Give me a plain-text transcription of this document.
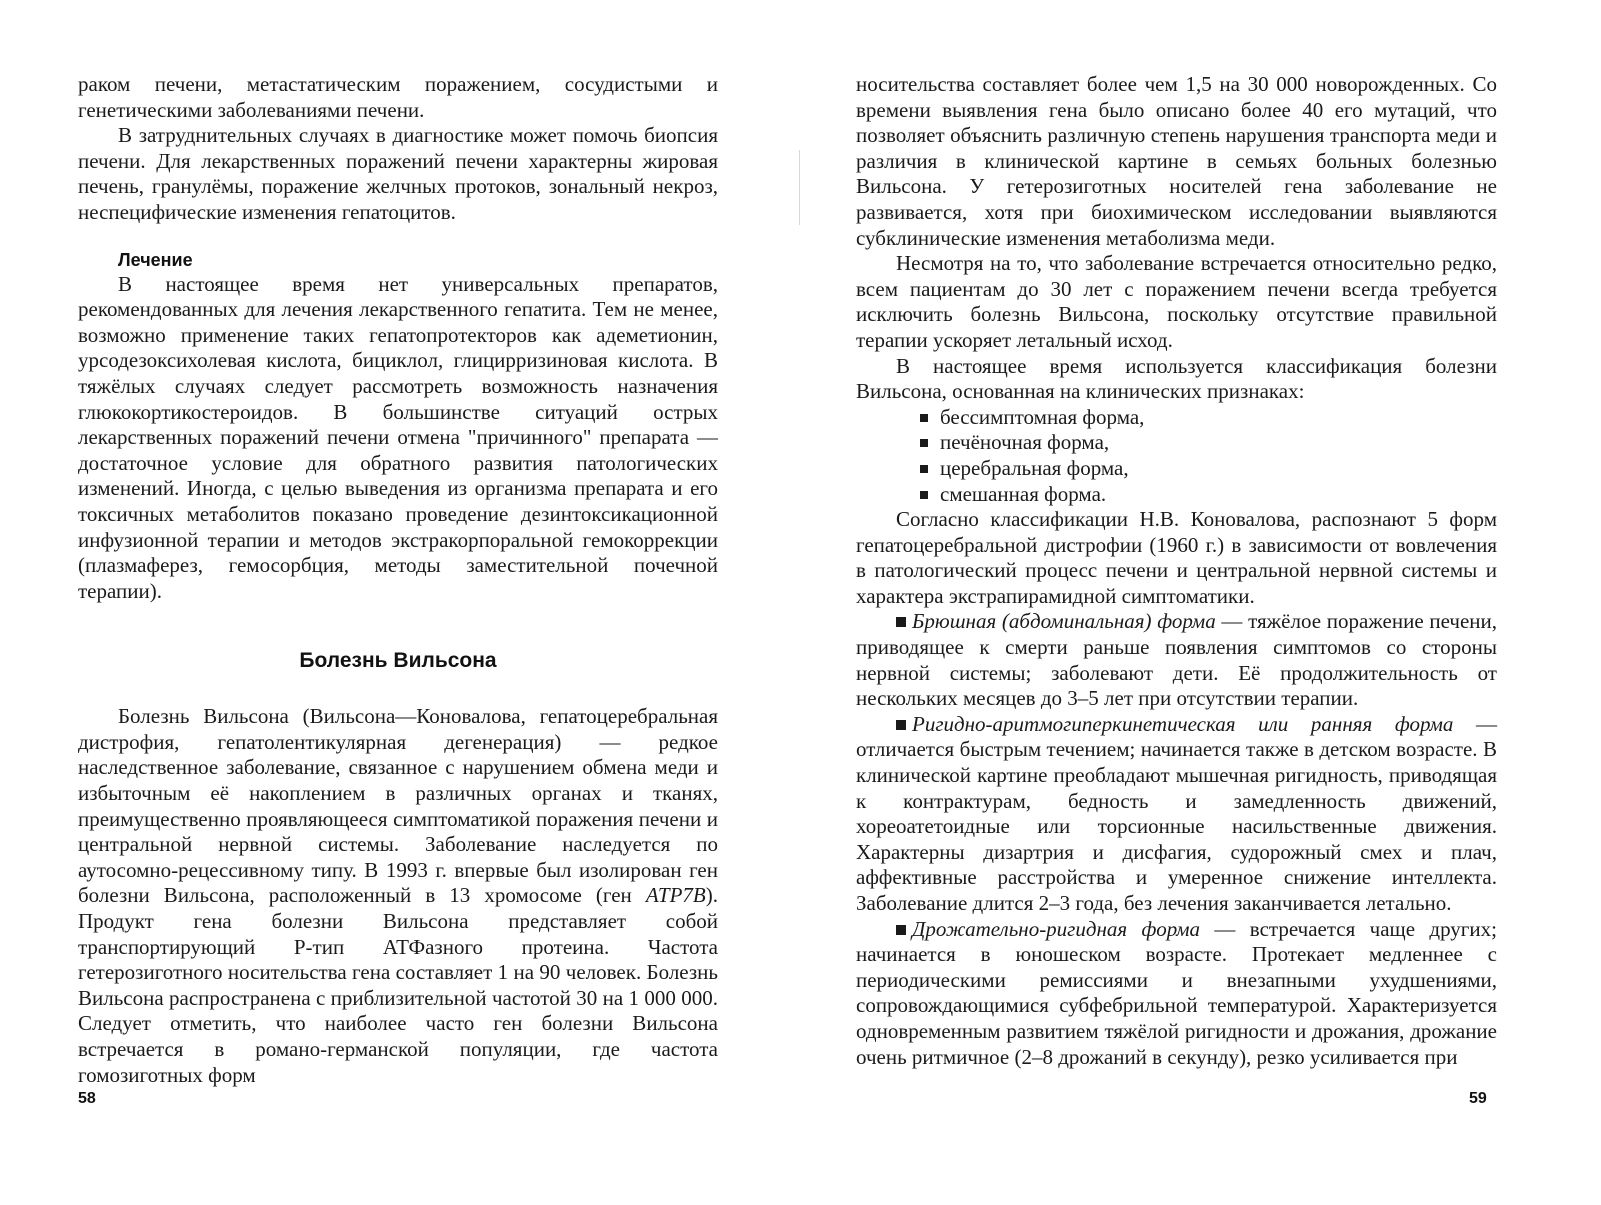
раком печени, метастатическим поражением, сосудистыми и генетическими заболеваниями печени.

В затруднительных случаях в диагностике может помочь биопсия печени. Для лекарственных поражений печени характерны жировая печень, гранулёмы, поражение желчных протоков, зональный некроз, неспецифические изменения гепатоцитов.

Лечение

В настоящее время нет универсальных препаратов, рекомендованных для лечения лекарственного гепатита. Тем не менее, возможно применение таких гепатопротекторов как адеметионин, урсодезоксихолевая кислота, бициклол, глицирризиновая кислота. В тяжёлых случаях следует рассмотреть возможность назначения глюкокортикостероидов. В большинстве ситуаций острых лекарственных поражений печени отмена "причинного" препарата — достаточное условие для обратного развития патологических изменений. Иногда, с целью выведения из организма препарата и его токсичных метаболитов показано проведение дезинтоксикационной инфузионной терапии и методов экстракорпоральной гемокоррекции (плазмаферез, гемосорбция, методы заместительной почечной терапии).

Болезнь Вильсона

Болезнь Вильсона (Вильсона—Коновалова, гепатоцеребральная дистрофия, гепатолентикулярная дегенерация) — редкое наследственное заболевание, связанное с нарушением обмена меди и избыточным её накоплением в различных органах и тканях, преимущественно проявляющееся симптоматикой поражения печени и центральной нервной системы. Заболевание наследуется по аутосомно-рецессивному типу. В 1993 г. впервые был изолирован ген болезни Вильсона, расположенный в 13 хромосоме (ген ATP7B). Продукт гена болезни Вильсона представляет собой транспортирующий Р-тип АТФазного протеина. Частота гетерозиготного носительства гена составляет 1 на 90 человек. Болезнь Вильсона распространена с приблизительной частотой 30 на 1 000 000. Следует отметить, что наиболее часто ген болезни Вильсона встречается в романо-германской популяции, где частота гомозиготных форм

58

носительства составляет более чем 1,5 на 30 000 новорожденных. Со времени выявления гена было описано более 40 его мутаций, что позволяет объяснить различную степень нарушения транспорта меди и различия в клинической картине в семьях больных болезнью Вильсона. У гетерозиготных носителей гена заболевание не развивается, хотя при биохимическом исследовании выявляются субклинические изменения метаболизма меди.

Несмотря на то, что заболевание встречается относительно редко, всем пациентам до 30 лет с поражением печени всегда требуется исключить болезнь Вильсона, поскольку отсутствие правильной терапии ускоряет летальный исход.

В настоящее время используется классификация болезни Вильсона, основанная на клинических признаках:

бессимптомная форма,
печёночная форма,
церебральная форма,
смешанная форма.

Согласно классификации Н.В. Коновалова, распознают 5 форм гепатоцеребральной дистрофии (1960 г.) в зависимости от вовлечения в патологический процесс печени и центральной нервной системы и характера экстрапирамидной симптоматики.

Брюшная (абдоминальная) форма — тяжёлое поражение печени, приводящее к смерти раньше появления симптомов со стороны нервной системы; заболевают дети. Её продолжительность от нескольких месяцев до 3–5 лет при отсутствии терапии.

Ригидно-аритмогиперкинетическая или ранняя форма — отличается быстрым течением; начинается также в детском возрасте. В клинической картине преобладают мышечная ригидность, приводящая к контрактурам, бедность и замедленность движений, хореоатетоидные или торсионные насильственные движения. Характерны дизартрия и дисфагия, судорожный смех и плач, аффективные расстройства и умеренное снижение интеллекта. Заболевание длится 2–3 года, без лечения заканчивается летально.

Дрожательно-ригидная форма — встречается чаще других; начинается в юношеском возрасте. Протекает медленнее с периодическими ремиссиями и внезапными ухудшениями, сопровождающимися субфебрильной температурой. Характеризуется одновременным развитием тяжёлой ригидности и дрожания, дрожание очень ритмичное (2–8 дрожаний в секунду), резко усиливается при

59
